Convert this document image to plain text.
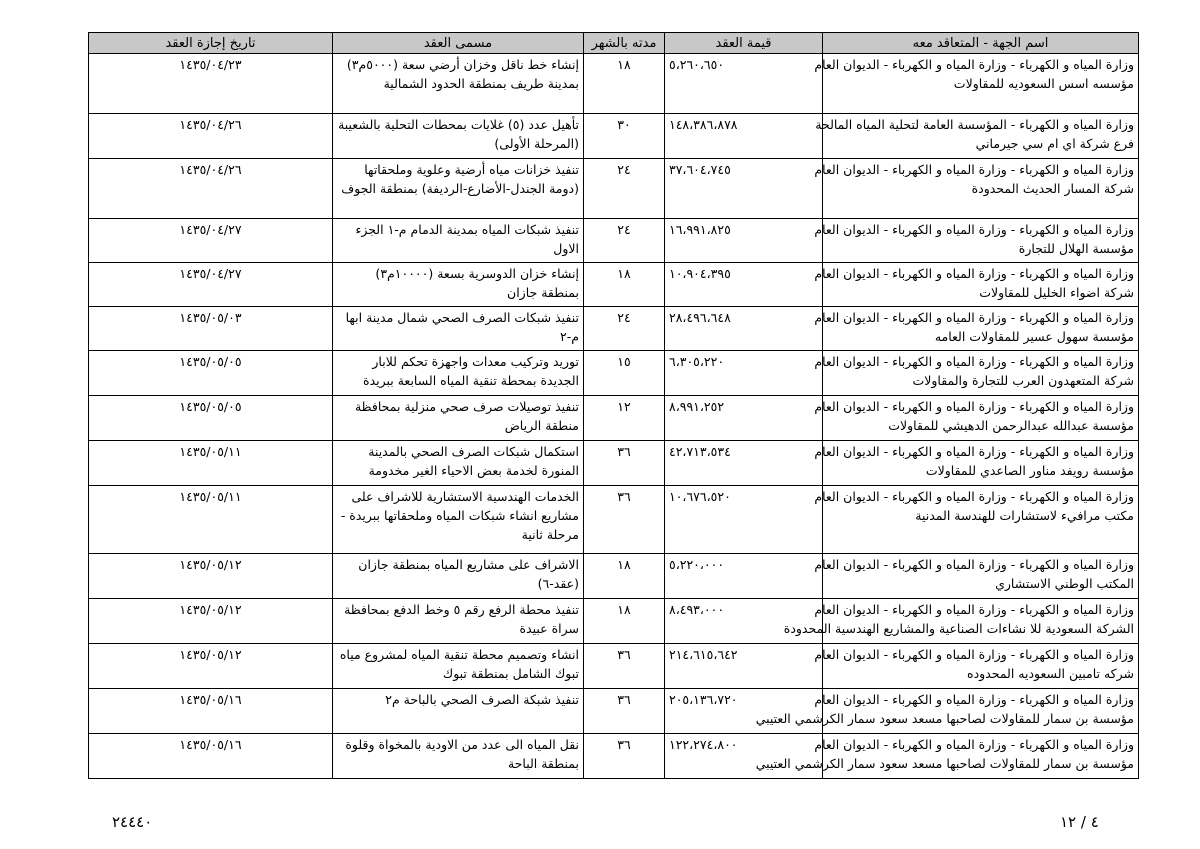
اسم الجهة - المتعاقد معه	قيمة العقد	مدته بالشهر	مسمى العقد	تاريخ إجازة العقد

وزارة المياه و الكهرباء - وزارة المياه و الكهرباء - الديوان العام
مؤسسه اسس السعوديه للمقاولات	٥،٢٦٠،٦٥٠	١٨	إنشاء خط ناقل وخزان أرضي سعة (٥٠٠٠م٣) بمدينة طريف بمنطقة الحدود الشمالية	١٤٣٥/٠٤/٢٣

وزارة المياه و الكهرباء - المؤسسة العامة لتحلية المياه المالحة
فرع شركة اي ام سي جيرماني	١٤٨،٣٨٦،٨٧٨	٣٠	تأهيل عدد (٥) غلايات بمحطات التحلية بالشعيبة (المرحلة الأولى)	١٤٣٥/٠٤/٢٦

وزارة المياه و الكهرباء - وزارة المياه و الكهرباء - الديوان العام
شركة المسار الحديث المحدودة	٣٧،٦٠٤،٧٤٥	٢٤	تنفيذ خزانات مياه أرضية وعلوية وملحقاتها (دومة الجندل-الأضارع-الرديفة) بمنطقة الجوف	١٤٣٥/٠٤/٢٦

وزارة المياه و الكهرباء - وزارة المياه و الكهرباء - الديوان العام
مؤسسة الهلال للتجارة	١٦،٩٩١،٨٢٥	٢٤	تنفيذ شبكات المياه بمدينة الدمام م-١ الجزء الاول	١٤٣٥/٠٤/٢٧

وزارة المياه و الكهرباء - وزارة المياه و الكهرباء - الديوان العام
شركة اضواء الخليل للمقاولات	١٠،٩٠٤،٣٩٥	١٨	إنشاء خزان الدوسرية بسعة (١٠٠٠٠م٣) بمنطقة جازان	١٤٣٥/٠٤/٢٧

وزارة المياه و الكهرباء - وزارة المياه و الكهرباء - الديوان العام
مؤسسة سهول عسير للمقاولات العامه	٢٨،٤٩٦،٦٤٨	٢٤	تنفيذ شبكات الصرف الصحي شمال مدينة ابها م-٢	١٤٣٥/٠٥/٠٣

وزارة المياه و الكهرباء - وزارة المياه و الكهرباء - الديوان العام
شركة المتعهدون العرب للتجارة والمقاولات	٦،٣٠٥،٢٢٠	١٥	توريد وتركيب معدات واجهزة تحكم للابار الجديدة بمحطة تنقية المياه السابعة ببريدة	١٤٣٥/٠٥/٠٥

وزارة المياه و الكهرباء - وزارة المياه و الكهرباء - الديوان العام
مؤسسة عبدالله عبدالرحمن الدهيشي للمقاولات	٨،٩٩١،٢٥٢	١٢	تنفيذ توصيلات صرف صحي منزلية بمحافظة منطقة الرياض	١٤٣٥/٠٥/٠٥

وزارة المياه و الكهرباء - وزارة المياه و الكهرباء - الديوان العام
مؤسسة رويفد مناور الصاعدي للمقاولات	٤٢،٧١٣،٥٣٤	٣٦	استكمال شبكات الصرف الصحي بالمدينة المنورة لخدمة بعض الاحياء الغير مخدومة	١٤٣٥/٠٥/١١

وزارة المياه و الكهرباء - وزارة المياه و الكهرباء - الديوان العام
مكتب مرافيء لاستشارات للهندسة المدنية	١٠،٦٧٦،٥٢٠	٣٦	الخدمات الهندسية الاستشارية للاشراف على مشاريع انشاء شبكات المياه وملحقاتها ببريدة - مرحلة ثانية	١٤٣٥/٠٥/١١

وزارة المياه و الكهرباء - وزارة المياه و الكهرباء - الديوان العام
المكتب الوطني الاستشاري	٥،٢٢٠،٠٠٠	١٨	الاشراف على مشاريع المياه بمنطقة جازان (عقد-٦)	١٤٣٥/٠٥/١٢

وزارة المياه و الكهرباء - وزارة المياه و الكهرباء - الديوان العام
الشركة السعودية للا نشاءات الصناعية والمشاريع الهندسية المحدودة	٨،٤٩٣،٠٠٠	١٨	تنفيذ محطة الرفع رقم ٥ وخط الدفع بمحافظة سراة عبيدة	١٤٣٥/٠٥/١٢

وزارة المياه و الكهرباء - وزارة المياه و الكهرباء - الديوان العام
شركه تامبين السعوديه المحدوده	٢١٤،٦١٥،٦٤٢	٣٦	انشاء وتصميم محطة تنقية المياه لمشروع مياه تبوك الشامل بمنطقة تبوك	١٤٣٥/٠٥/١٢

وزارة المياه و الكهرباء - وزارة المياه و الكهرباء - الديوان العام
مؤسسة بن سمار للمقاولات لصاحبها مسعد سعود سمار الكرشمي العتيبي	٢٠٥،١٣٦،٧٢٠	٣٦	تنفيذ شبكة الصرف الصحي بالباحة م٢	١٤٣٥/٠٥/١٦

وزارة المياه و الكهرباء - وزارة المياه و الكهرباء - الديوان العام
مؤسسة بن سمار للمقاولات لصاحبها مسعد سعود سمار الكرشمي العتيبي	١٢٢،٢٧٤،٨٠٠	٣٦	نقل المياه الى عدد من الاودية بالمخواة وقلوة بمنطقة الباحة	١٤٣٥/٠٥/١٦
٢٤٤٤٠	٤ / ١٢
